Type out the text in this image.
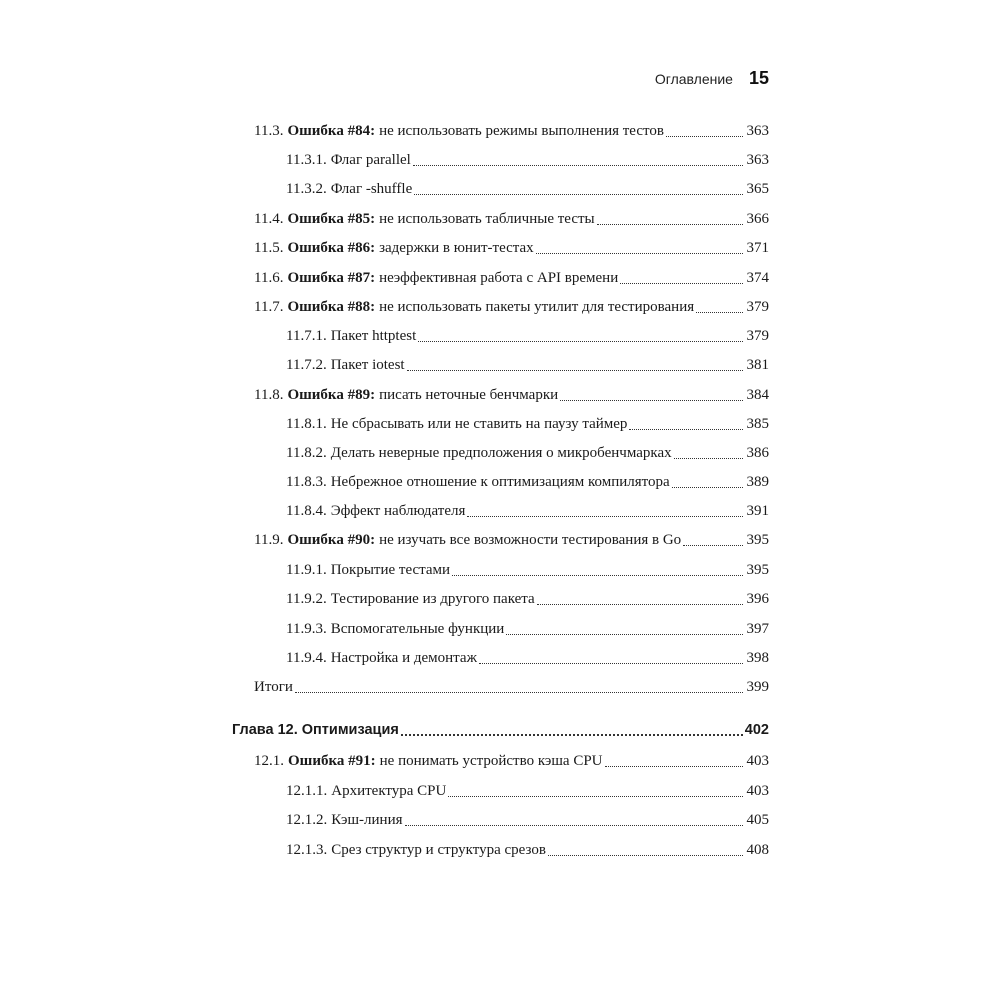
Оглавление 15
11.3. Ошибка #84: не использовать режимы выполнения тестов	363
11.3.1. Флаг parallel	363
11.3.2. Флаг -shuffle	365
11.4. Ошибка #85: не использовать табличные тесты	366
11.5. Ошибка #86: задержки в юнит-тестах	371
11.6. Ошибка #87: неэффективная работа с API времени	374
11.7. Ошибка #88: не использовать пакеты утилит для тестирования	379
11.7.1. Пакет httptest	379
11.7.2. Пакет iotest	381
11.8. Ошибка #89: писать неточные бенчмарки	384
11.8.1. Не сбрасывать или не ставить на паузу таймер	385
11.8.2. Делать неверные предположения о микробенчмарках	386
11.8.3. Небрежное отношение к оптимизациям компилятора	389
11.8.4. Эффект наблюдателя	391
11.9. Ошибка #90: не изучать все возможности тестирования в Go	395
11.9.1. Покрытие тестами	395
11.9.2. Тестирование из другого пакета	396
11.9.3. Вспомогательные функции	397
11.9.4. Настройка и демонтаж	398
Итоги	399
Глава 12. Оптимизация	402
12.1. Ошибка #91: не понимать устройство кэша CPU	403
12.1.1. Архитектура CPU	403
12.1.2. Кэш-линия	405
12.1.3. Срез структур и структура срезов	408
